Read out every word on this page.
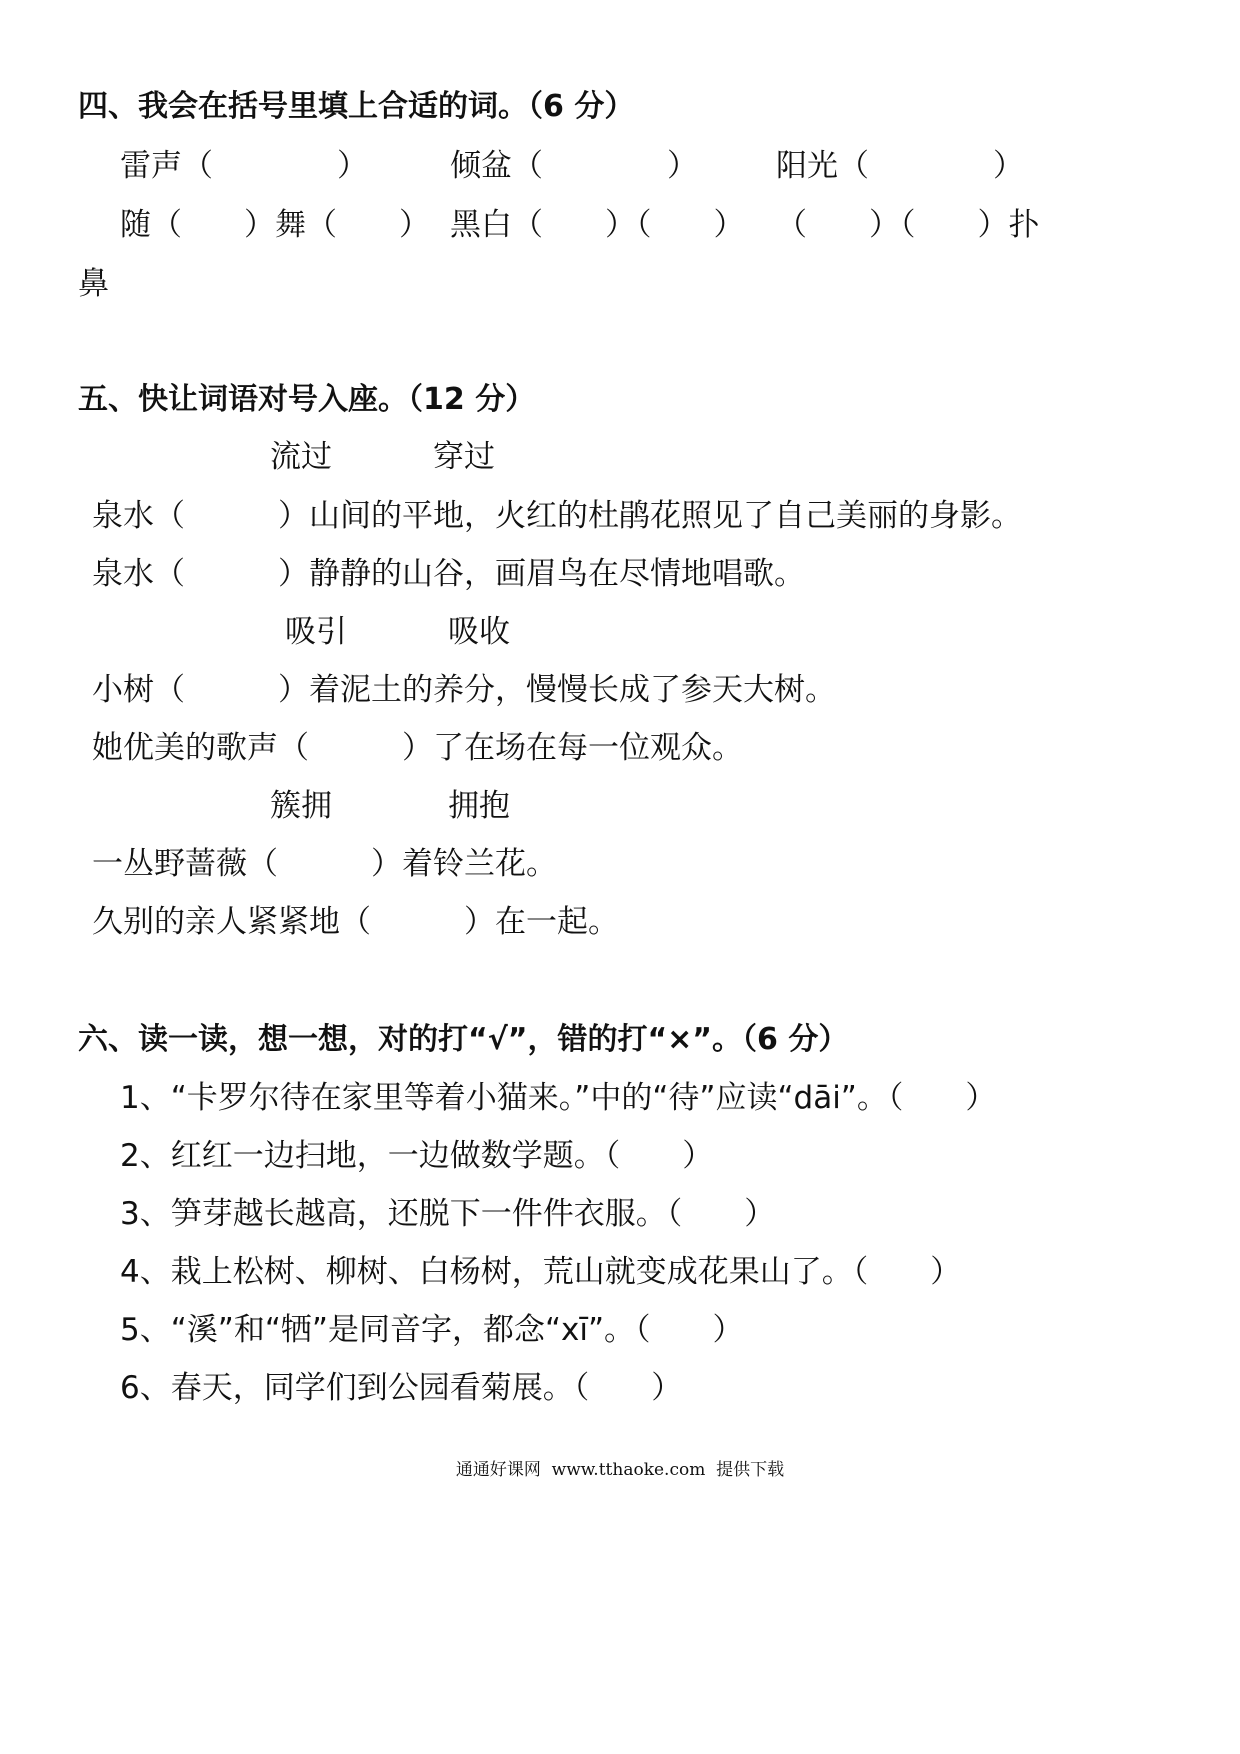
四、我会在括号里填上合适的词。（6 分）
雷声（　　　　）	倾盆（　　　　）	阳光（　　　　）
随（　　）舞（　　） 黑白（　　）（　　） （　　）（　　）扑
鼻
五、快让词语对号入座。（12 分）
流过	穿过
泉水（　　　）山间的平地，火红的杜鹃花照见了自己美丽的身影。
泉水（　　　）静静的山谷，画眉鸟在尽情地唱歌。
吸引	吸收
小树（　　　）着泥土的养分，慢慢长成了参天大树。
她优美的歌声（　　　）了在场在每一位观众。
簇拥	拥抱
一丛野蔷薇（　　　）着铃兰花。
久别的亲人紧紧地（　　　）在一起。
六、读一读，想一想，对的打“√”，错的打“×”。（6 分）
1、“卡罗尔待在家里等着小猫来。”中的“待”应读“dāi”。（　　）
2、红红一边扫地，一边做数学题。（　　）
3、笋芽越长越高，还脱下一件件衣服。（　　）
4、栽上松树、柳树、白杨树，荒山就变成花果山了。（　　）
5、“溪”和“牺”是同音字，都念“xī”。（　　）
6、春天，同学们到公园看菊展。（　　）
通通好课网  www.tthaoke.com  提供下载
